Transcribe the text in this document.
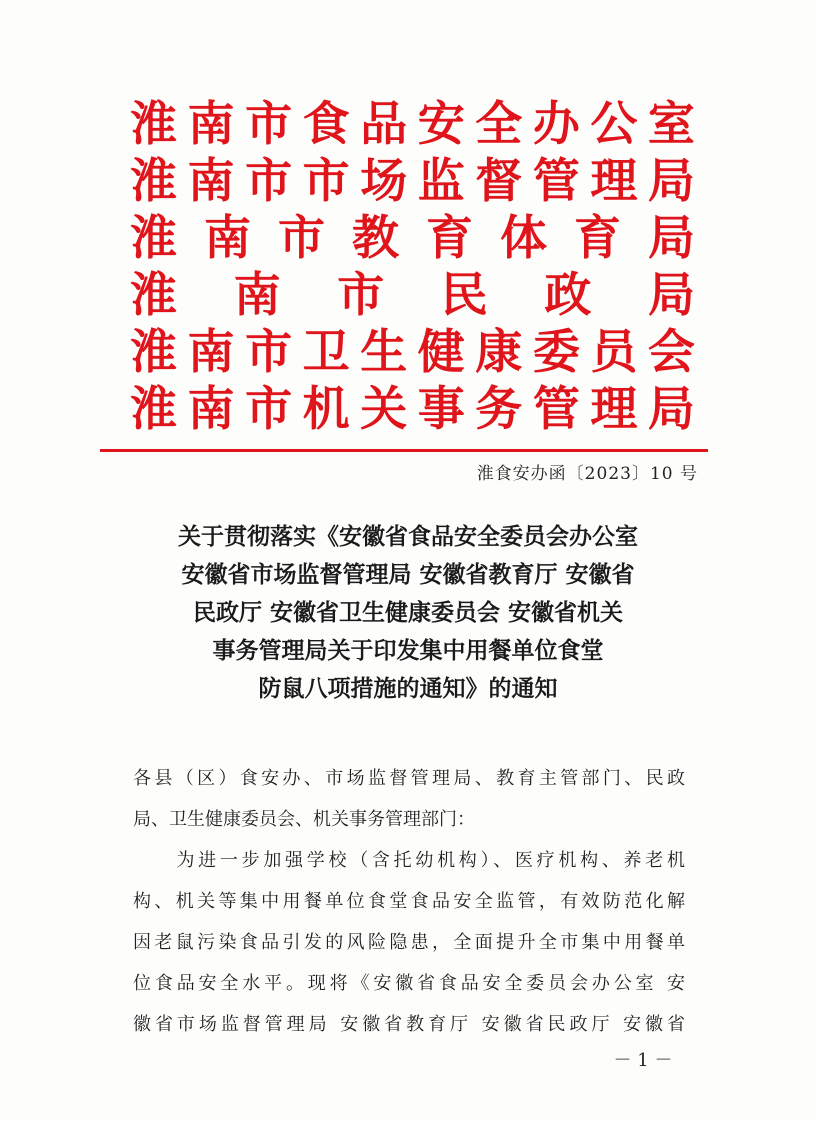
淮 南 市 食 品 安 全 办 公 室
淮 南 市 市 场 监 督 管 理 局
淮 南 市 教 育 体 育 局
淮 南 市 民 政 局
淮 南 市 卫 生 健 康 委 员 会
淮 南 市 机 关 事 务 管 理 局
淮食安办函〔2023〕10 号
关于贯彻落实《安徽省食品安全委员会办公室
安徽省市场监督管理局 安徽省教育厅 安徽省
民政厅 安徽省卫生健康委员会 安徽省机关
事务管理局关于印发集中用餐单位食堂
防鼠八项措施的通知》的通知
各县（区）食安办、市场监督管理局、教育主管部门、民政
局、卫生健康委员会、机关事务管理部门：
　　为进一步加强学校（含托幼机构）、医疗机构、养老机
构、机关等集中用餐单位食堂食品安全监管，有效防范化解
因老鼠污染食品引发的风险隐患，全面提升全市集中用餐单
位食品安全水平。现将《安徽省食品安全委员会办公室 安
徽省市场监督管理局 安徽省教育厅 安徽省民政厅 安徽省
－ 1 －
